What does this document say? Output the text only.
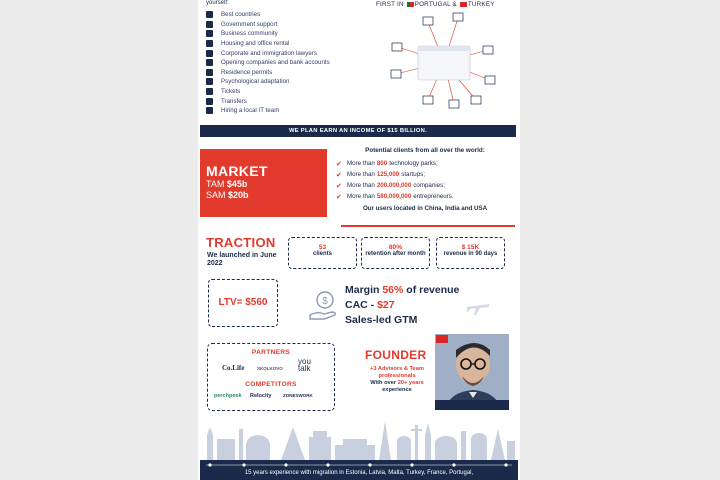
yourself:
Best countries
Government support
Business community
Housing and office rental
Corporate and immigration lawyers
Opening companies and bank accounts
Residence permits
Psychological adaptation
Tickets
Transfers
Hiring a local IT team
FIRST IN PORTUGAL & TURKEY
WE PLAN EARN AN INCOME OF $15 BILLION.
MARKET
TAM $45b
SAM $20b
Potential clients from all over the world:
✔ More than 800 technology parks;
✔ More than 125,000 startups;
✔ More than 200,000,000 companies;
✔ More than 580,000,000 entrepreneurs.
Our users located in China, India and USA
TRACTION
We launched in June 2022
53
clients
80%
retention after month
$ 15K
revenue in 90 days
LTV= $560	$
Margin 56% of revenue
CAC - $27
Sales-led GTM
PARTNERS
Co.Life	SKOLKOVO
you talk
COMPETITORS
perchpeek Relocity	ZONESWORK
FOUNDER
+3 Advisors & Team professionals
With over 20+ years experience
15 years experience with migration in Estonia, Latvia, Malta, Turkey, France, Portugal,
